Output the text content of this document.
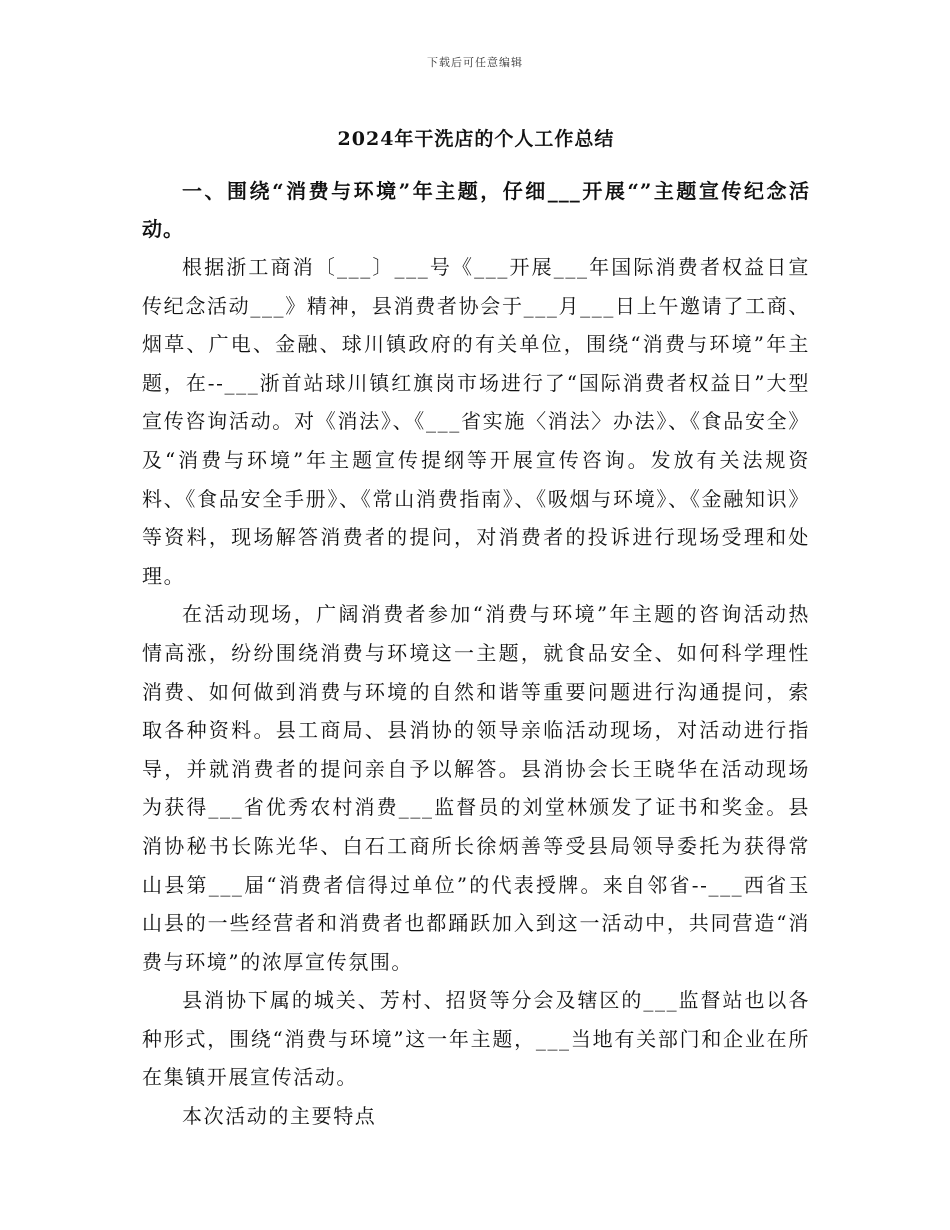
下载后可任意编辑
2024年干洗店的个人工作总结

一、围绕“消费与环境”年主题，仔细___开展“”主题宣传纪念活动。

根据浙工商消〔___〕___号《___开展___年国际消费者权益日宣传纪念活动___》精神，县消费者协会于___月___日上午邀请了工商、烟草、广电、金融、球川镇政府的有关单位，围绕“消费与环境”年主题，在--___浙首站球川镇红旗岗市场进行了“国际消费者权益日”大型宣传咨询活动。对《消法》、《___省实施〈消法〉办法》、《食品安全》及“消费与环境”年主题宣传提纲等开展宣传咨询。发放有关法规资料、《食品安全手册》、《常山消费指南》、《吸烟与环境》、《金融知识》等资料，现场解答消费者的提问，对消费者的投诉进行现场受理和处理。

在活动现场，广阔消费者参加“消费与环境”年主题的咨询活动热情高涨，纷纷围绕消费与环境这一主题，就食品安全、如何科学理性消费、如何做到消费与环境的自然和谐等重要问题进行沟通提问，索取各种资料。县工商局、县消协的领导亲临活动现场，对活动进行指导，并就消费者的提问亲自予以解答。县消协会长王晓华在活动现场为获得___省优秀农村消费___监督员的刘堂林颁发了证书和奖金。县消协秘书长陈光华、白石工商所长徐炳善等受县局领导委托为获得常山县第___届“消费者信得过单位”的代表授牌。来自邻省--___西省玉山县的一些经营者和消费者也都踊跃加入到这一活动中，共同营造“消费与环境”的浓厚宣传氛围。

县消协下属的城关、芳村、招贤等分会及辖区的___监督站也以各种形式，围绕“消费与环境”这一年主题，___当地有关部门和企业在所在集镇开展宣传活动。

本次活动的主要特点
